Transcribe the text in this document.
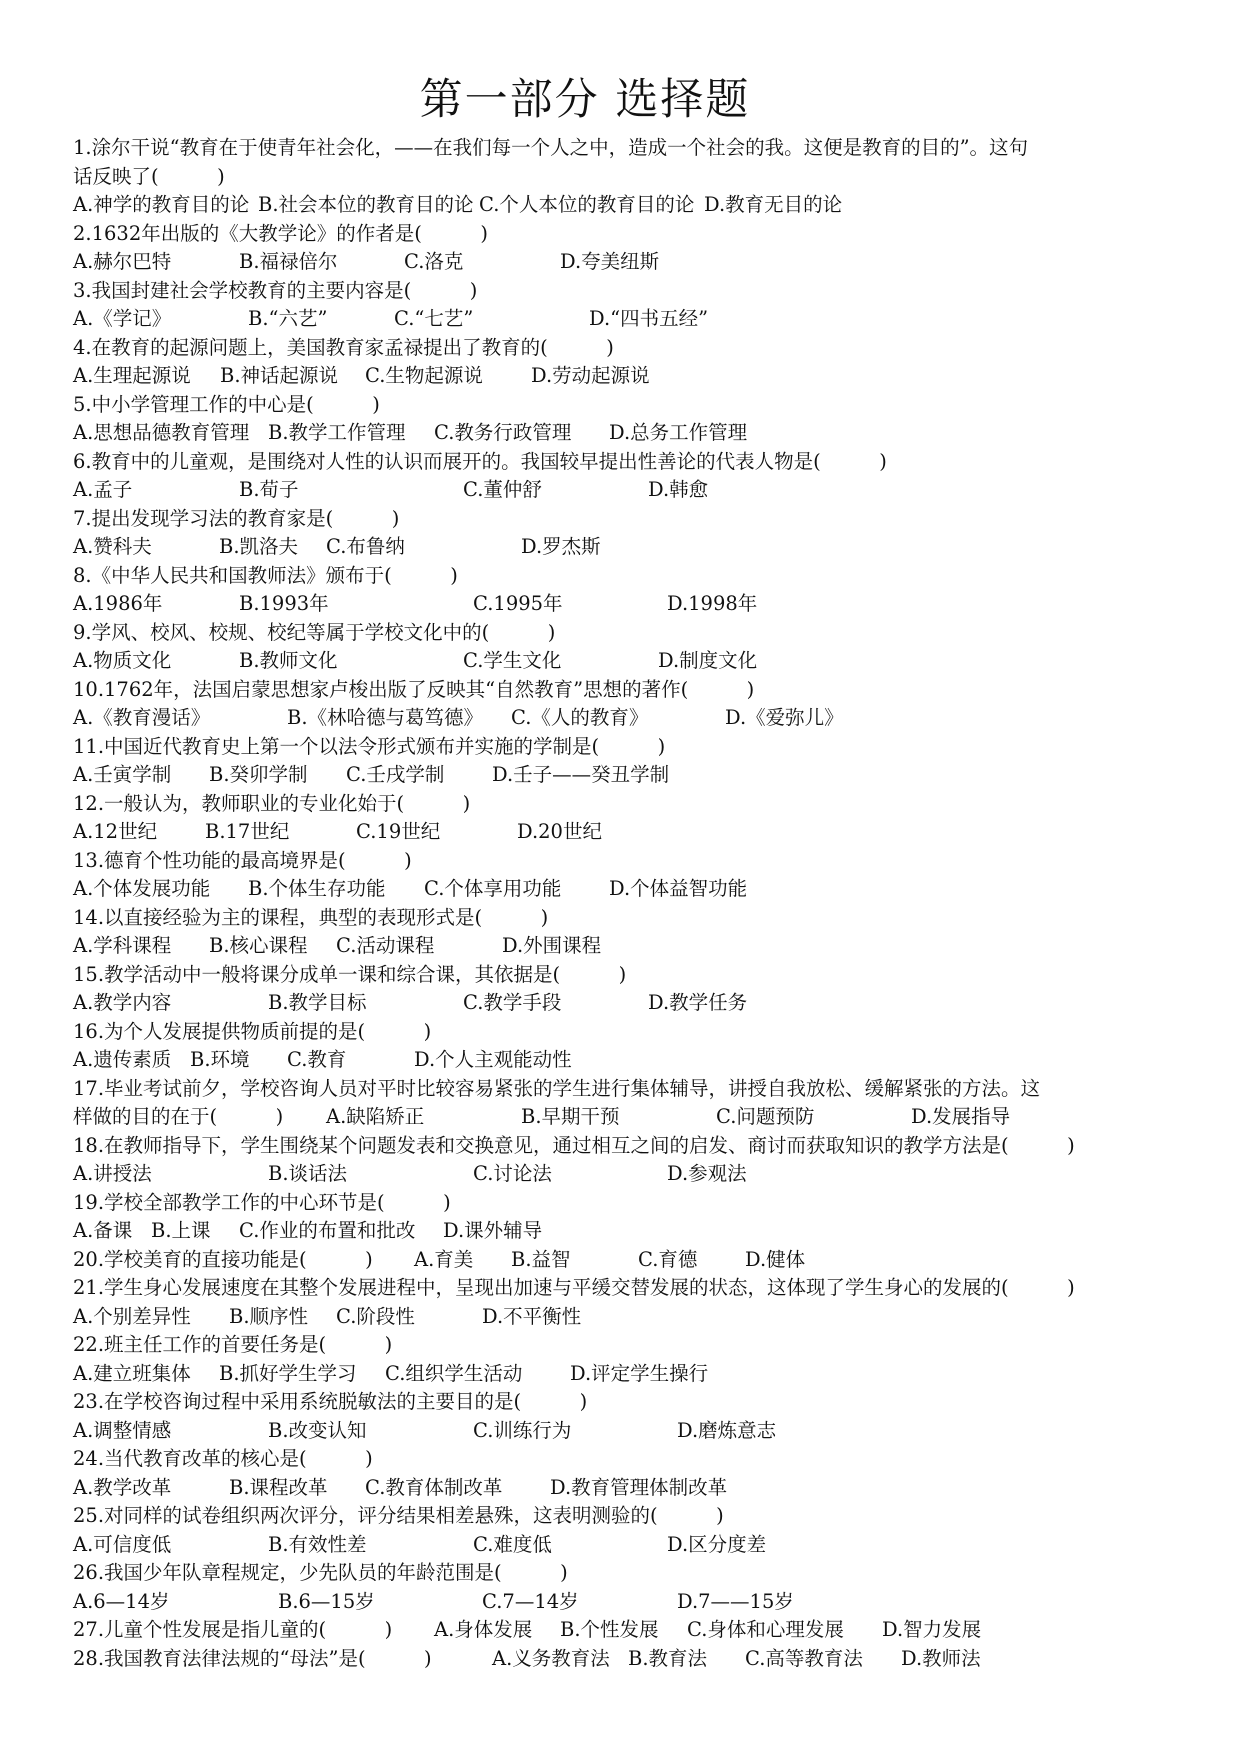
第一部分 选择题
1.涂尔干说“教育在于使青年社会化，——在我们每一个人之中，造成一个社会的我。这便是教育的目的”。这句
话反映了(　　　)
A.神学的教育目的论 B.社会本位的教育目的论 C.个人本位的教育目的论 D.教育无目的论
2.1632年出版的《大教学论》的作者是(　　　)
A.赫尔巴特	B.福禄倍尔	C.洛克	D.夸美纽斯
3.我国封建社会学校教育的主要内容是(　　　)
A.《学记》	B.“六艺”	C.“七艺”	D.“四书五经”
4.在教育的起源问题上，美国教育家孟禄提出了教育的(　　　)
A.生理起源说 B.神话起源说 C.生物起源说 D.劳动起源说
5.中小学管理工作的中心是(　　　)
A.思想品德教育管理 B.教学工作管理 C.教务行政管理 D.总务工作管理
6.教育中的儿童观，是围绕对人性的认识而展开的。我国较早提出性善论的代表人物是(　　　)
A.孟子	B.荀子	C.董仲舒	D.韩愈
7.提出发现学习法的教育家是(　　　)
A.赞科夫	B.凯洛夫 C.布鲁纳	D.罗杰斯
8.《中华人民共和国教师法》颁布于(　　　)
A.1986年	B.1993年	C.1995年	D.1998年
9.学风、校风、校规、校纪等属于学校文化中的(　　　)
A.物质文化	B.教师文化	C.学生文化	D.制度文化
10.1762年，法国启蒙思想家卢梭出版了反映其“自然教育”思想的著作(　　　)
A.《教育漫话》	B.《林哈德与葛笃德》 C.《人的教育》	D.《爱弥儿》
11.中国近代教育史上第一个以法令形式颁布并实施的学制是(　　　)
A.壬寅学制 B.癸卯学制 C.壬戌学制 D.壬子——癸丑学制
12.一般认为，教师职业的专业化始于(　　　)
A.12世纪 B.17世纪	C.19世纪	D.20世纪
13.德育个性功能的最高境界是(　　　)
A.个体发展功能 B.个体生存功能 C.个体享用功能 D.个体益智功能
14.以直接经验为主的课程，典型的表现形式是(　　　)
A.学科课程 B.核心课程 C.活动课程	D.外围课程
15.教学活动中一般将课分成单一课和综合课，其依据是(　　　)
A.教学内容	B.教学目标	C.教学手段	D.教学任务
16.为个人发展提供物质前提的是(　　　)
A.遗传素质 B.环境 C.教育	D.个人主观能动性
17.毕业考试前夕，学校咨询人员对平时比较容易紧张的学生进行集体辅导，讲授自我放松、缓解紧张的方法。这
样做的目的在于(　　　) A.缺陷矫正	B.早期干预	C.问题预防	D.发展指导
18.在教师指导下，学生围绕某个问题发表和交换意见，通过相互之间的启发、商讨而获取知识的教学方法是(　　　)
A.讲授法	B.谈话法	C.讨论法	D.参观法
19.学校全部教学工作的中心环节是(　　　)
A.备课 B.上课 C.作业的布置和批改 D.课外辅导
20.学校美育的直接功能是(　　　) A.育美 B.益智	C.育德 D.健体
21.学生身心发展速度在其整个发展进程中，呈现出加速与平缓交替发展的状态，这体现了学生身心的发展的(　　　)
A.个别差异性 B.顺序性 C.阶段性	D.不平衡性
22.班主任工作的首要任务是(　　　)
A.建立班集体 B.抓好学生学习 C.组织学生活动 D.评定学生操行
23.在学校咨询过程中采用系统脱敏法的主要目的是(　　　)
A.调整情感	B.改变认知	C.训练行为	D.磨炼意志
24.当代教育改革的核心是(　　　)
A.教学改革	B.课程改革 C.教育体制改革 D.教育管理体制改革
25.对同样的试卷组织两次评分，评分结果相差悬殊，这表明测验的(　　　)
A.可信度低	B.有效性差	C.难度低	D.区分度差
26.我国少年队章程规定，少先队员的年龄范围是(　　　)
A.6—14岁	B.6—15岁	C.7—14岁	D.7——15岁
27.儿童个性发展是指儿童的(　　　) A.身体发展 B.个性发展 C.身体和心理发展 D.智力发展
28.我国教育法律法规的“母法”是(　　　)	A.义务教育法 B.教育法 C.高等教育法 D.教师法
